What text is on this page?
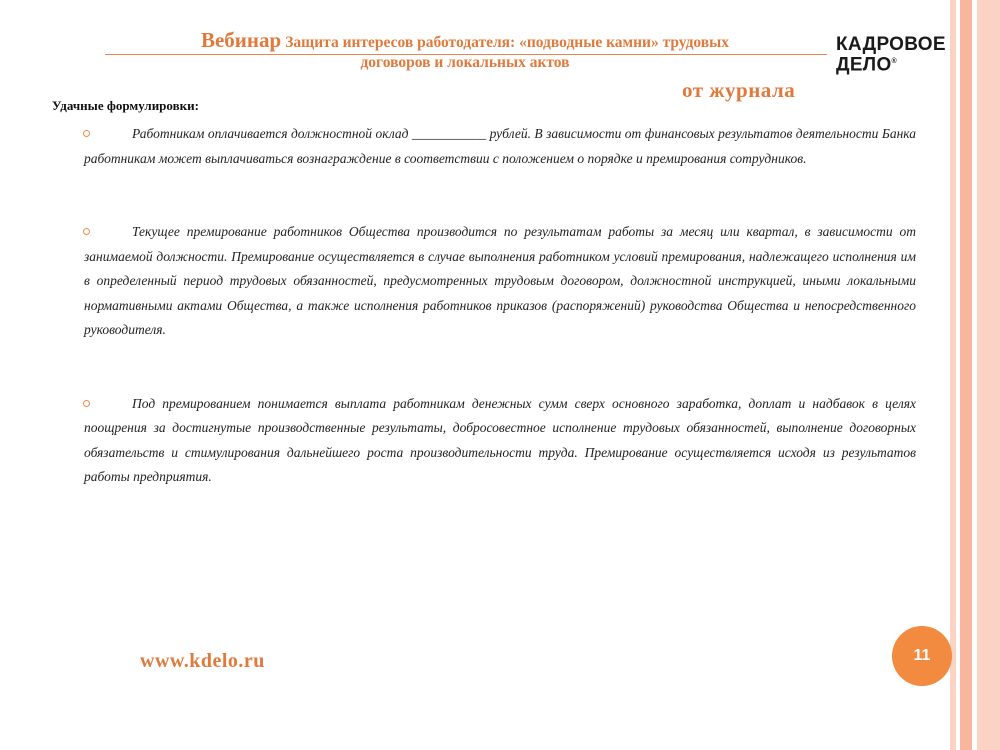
Вебинар Защита интересов работодателя: «подводные камни» трудовых
договоров и локальных актов
КАДРОВОЕ
ДЕЛО®
от журнала
Удачные формулировки:
Работникам оплачивается должностной оклад ___________ рублей. В зависимости от финансовых результатов деятельности Банка работникам может выплачиваться вознаграждение в соответствии с положением о порядке и премирования сотрудников.
Текущее премирование работников Общества производится по результатам работы за месяц или квартал, в зависимости от занимаемой должности. Премирование осуществляется в случае выполнения работником условий премирования, надлежащего исполнения им в определенный период трудовых обязанностей, предусмотренных трудовым договором, должностной инструкцией, иными локальными нормативными актами Общества, а также исполнения работников приказов (распоряжений) руководства Общества и непосредственного руководителя.
Под премированием понимается выплата работникам денежных сумм сверх основного заработка, доплат и надбавок в целях поощрения за достигнутые производственные результаты, добросовестное исполнение трудовых обязанностей, выполнение договорных обязательств и стимулирования дальнейшего роста производительности труда. Премирование осуществляется исходя из результатов работы предприятия.
www.kdelo.ru	11
